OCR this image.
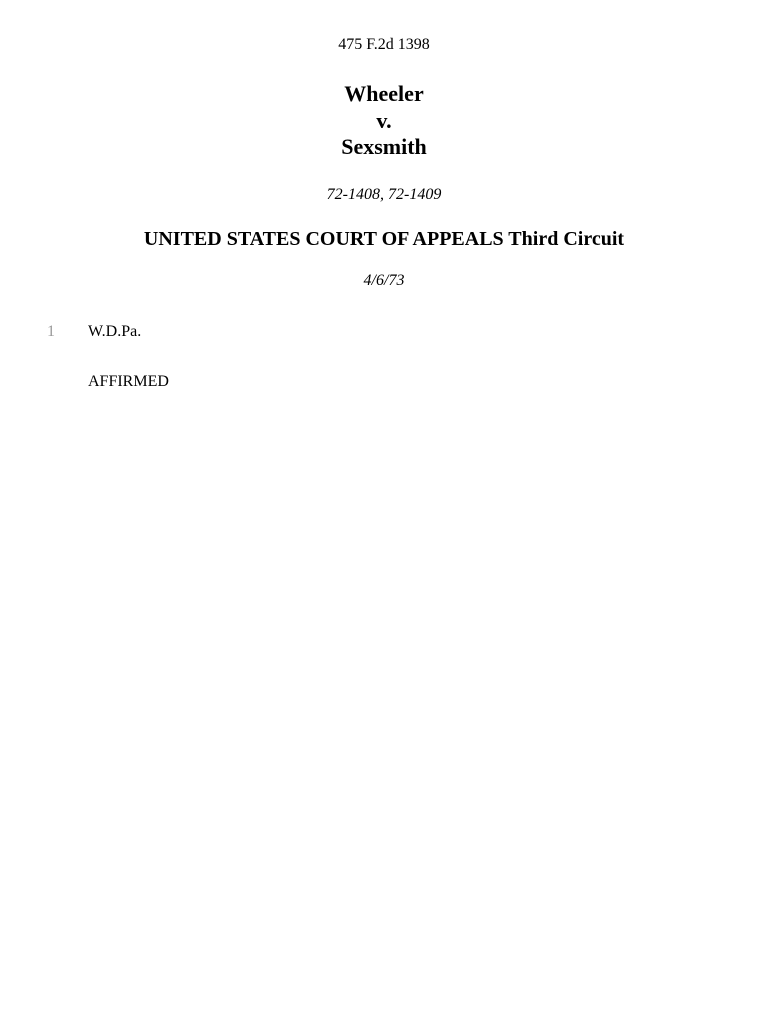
475 F.2d 1398
Wheeler
v.
Sexsmith
72-1408, 72-1409
UNITED STATES COURT OF APPEALS Third Circuit
4/6/73
1 W.D.Pa.
AFFIRMED
